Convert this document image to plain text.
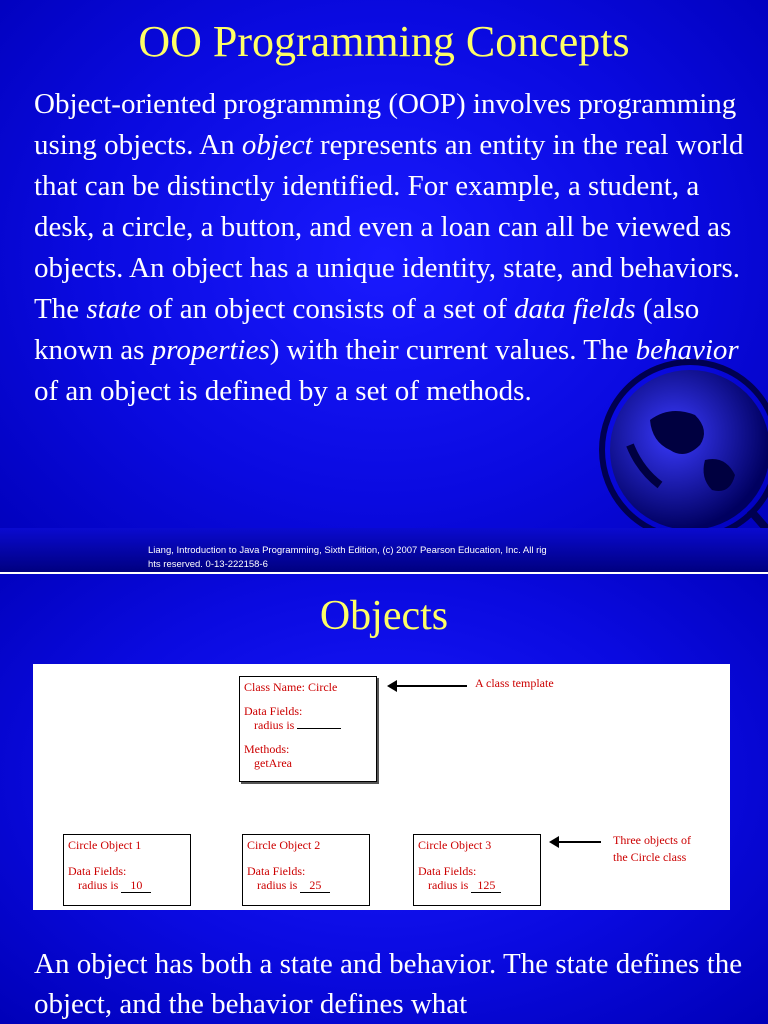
OO Programming Concepts

Object-oriented programming (OOP) involves programming using objects. An object represents an entity in the real world that can be distinctly identified. For example, a student, a desk, a circle, a button, and even a loan can all be viewed as objects. An object has a unique identity, state, and behaviors. The state of an object consists of a set of data fields (also known as properties) with their current values. The behavior of an object is defined by a set of methods.

Liang, Introduction to Java Programming, Sixth Edition, (c) 2007 Pearson Education, Inc. All rig
hts reserved. 0-13-222158-6
Objects
Class Name: Circle
Data Fields:
radius is
Methods:
getArea
A class template
Circle Object 1
Data Fields:
radius is 10
Circle Object 2
Data Fields:
radius is 25
Circle Object 3
Data Fields:
radius is 125
Three objects of
the Circle class

An object has both a state and behavior. The state defines the object, and the behavior defines what
